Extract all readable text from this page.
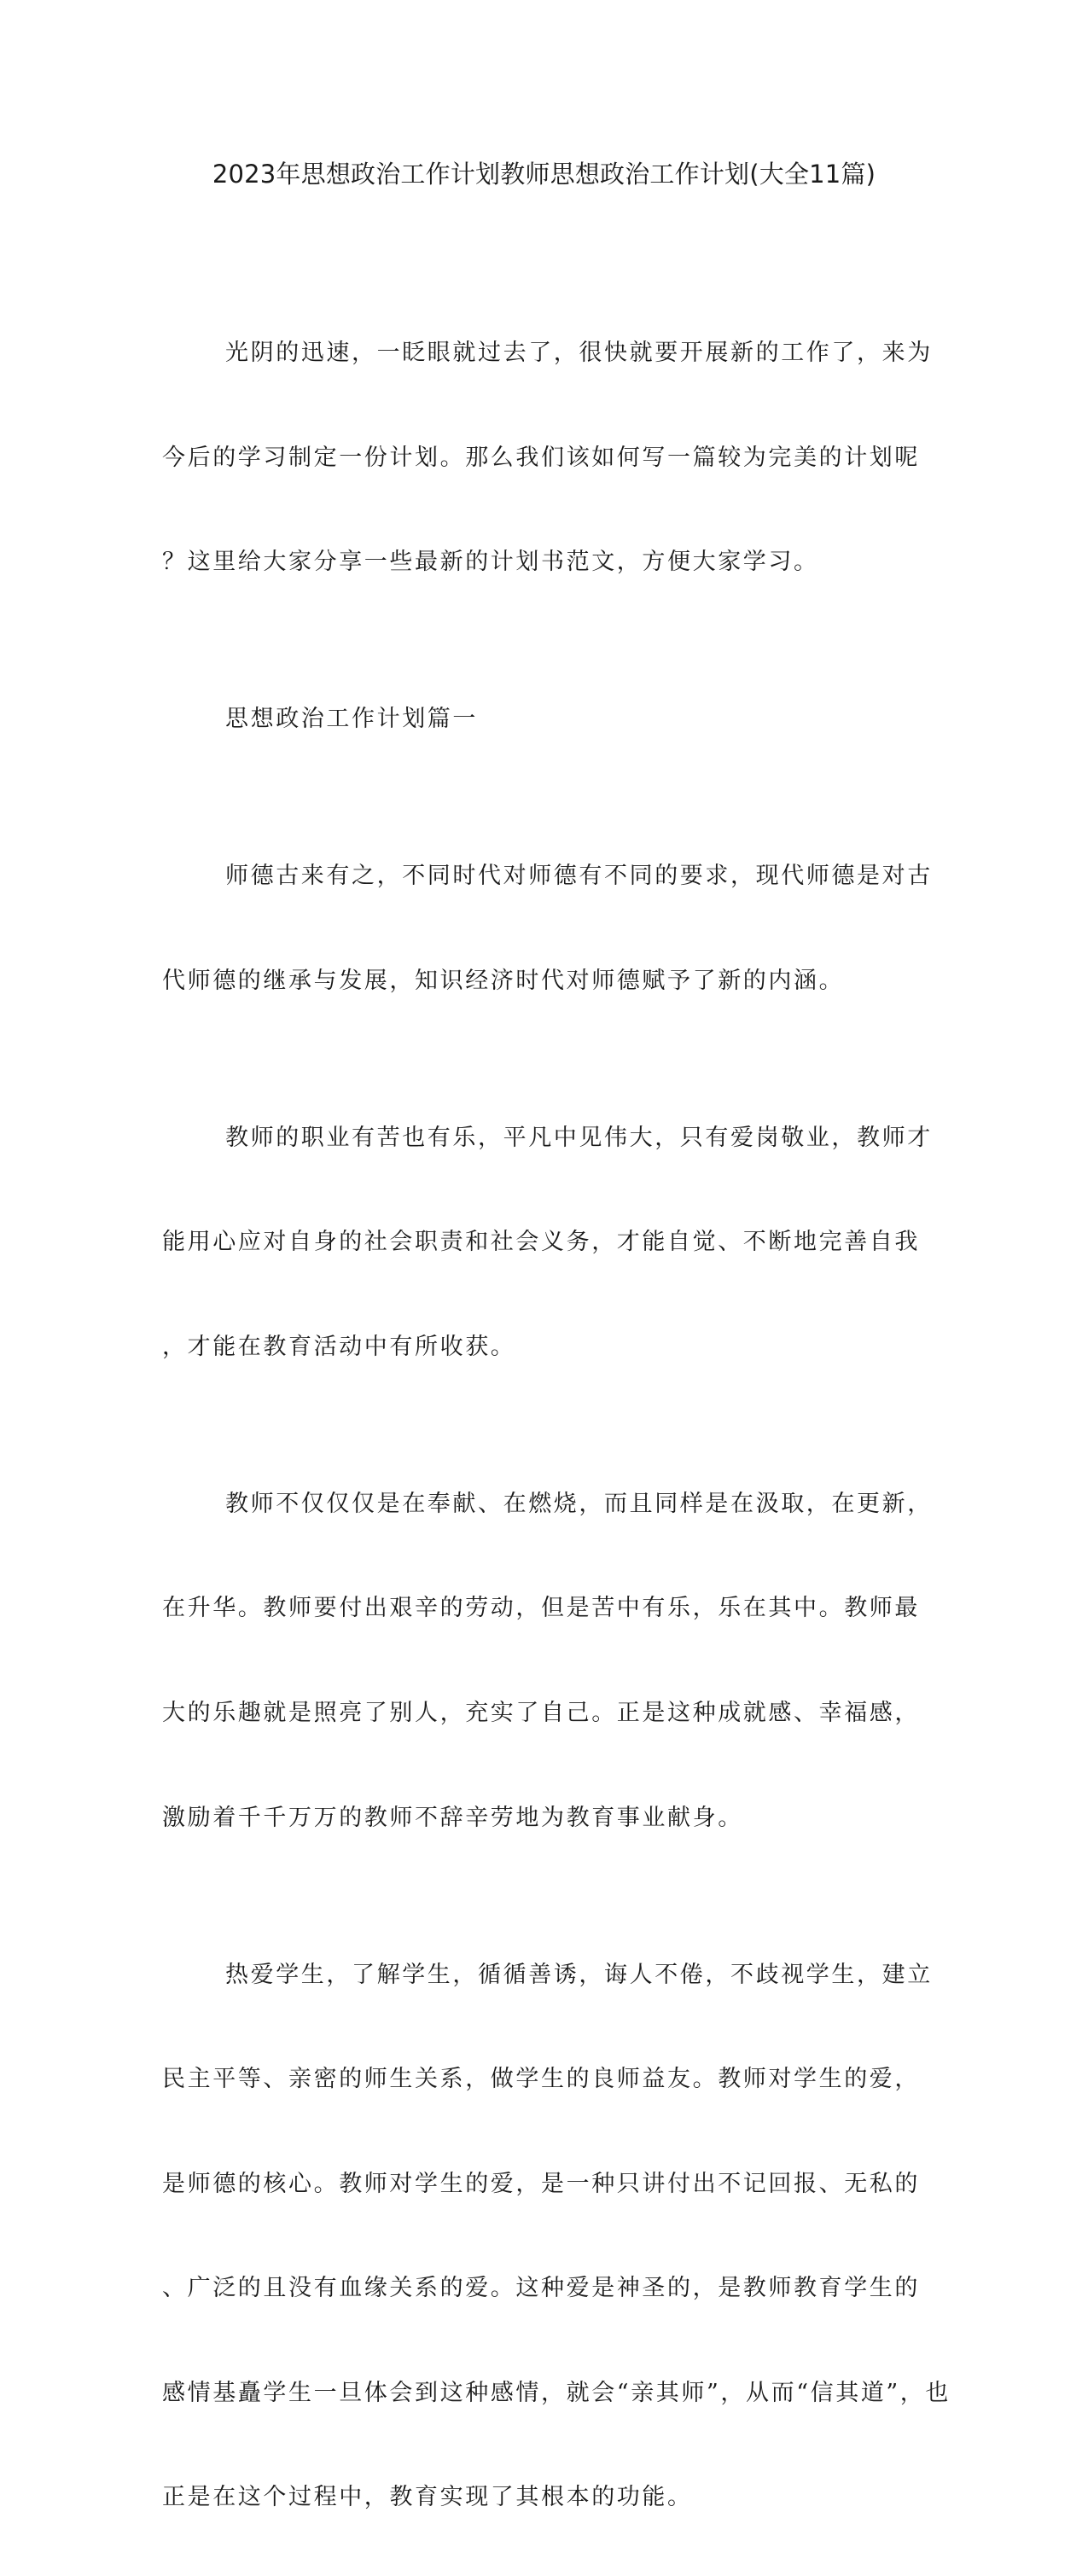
2023年思想政治工作计划教师思想政治工作计划(大全11篇)

光阴的迅速，一眨眼就过去了，很快就要开展新的工作了，来为

今后的学习制定一份计划。那么我们该如何写一篇较为完美的计划呢

？这里给大家分享一些最新的计划书范文，方便大家学习。

思想政治工作计划篇一

师德古来有之，不同时代对师德有不同的要求，现代师德是对古

代师德的继承与发展，知识经济时代对师德赋予了新的内涵。

教师的职业有苦也有乐，平凡中见伟大，只有爱岗敬业，教师才

能用心应对自身的社会职责和社会义务，才能自觉、不断地完善自我

，才能在教育活动中有所收获。

教师不仅仅仅是在奉献、在燃烧，而且同样是在汲取，在更新，

在升华。教师要付出艰辛的劳动，但是苦中有乐，乐在其中。教师最

大的乐趣就是照亮了别人，充实了自己。正是这种成就感、幸福感，

激励着千千万万的教师不辞辛劳地为教育事业献身。

热爱学生，了解学生，循循善诱，诲人不倦，不歧视学生，建立

民主平等、亲密的师生关系，做学生的良师益友。教师对学生的爱，

是师德的核心。教师对学生的爱，是一种只讲付出不记回报、无私的

、广泛的且没有血缘关系的爱。这种爱是神圣的，是教师教育学生的

感情基矗学生一旦体会到这种感情，就会“亲其师”，从而“信其道”，也

正是在这个过程中，教育实现了其根本的功能。
